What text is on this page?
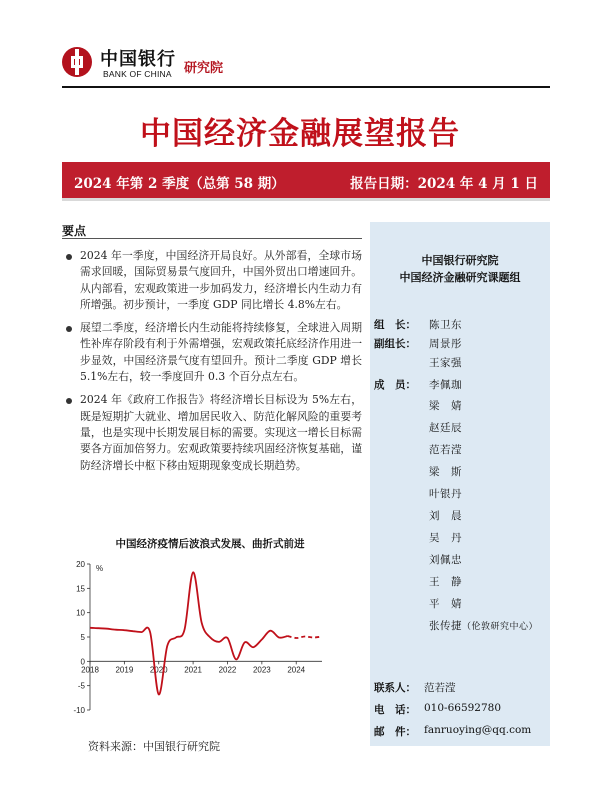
中国银行
BANK OF CHINA 研究院
中国经济金融展望报告
2024 年第 2 季度（总第 58 期）	报告日期：2024 年 4 月 1 日
要点
2024 年一季度，中国经济开局良好。从外部看，全球市场需求回暖，国际贸易景气度回升，中国外贸出口增速回升。从内部看，宏观政策进一步加码发力，经济增长内生动力有所增强。初步预计，一季度 GDP 同比增长 4.8%左右。
展望二季度，经济增长内生动能将持续修复，全球进入周期性补库存阶段有利于外需增强，宏观政策托底经济作用进一步显效，中国经济景气度有望回升。预计二季度 GDP 增长 5.1%左右，较一季度回升 0.3 个百分点左右。
2024 年《政府工作报告》将经济增长目标设为 5%左右，既是短期扩大就业、增加居民收入、防范化解风险的重要考量，也是实现中长期发展目标的需要。实现这一增长目标需要各方面加倍努力。宏观政策要持续巩固经济恢复基础，谨防经济增长中枢下移由短期现象变成长期趋势。
中国经济疫情后波浪式发展、曲折式前进
-10
-5
0
5
10
15
20 %
2018 2019 2020 2021 2022 2023 2024
资料来源：中国银行研究院
中国银行研究院
中国经济金融研究课题组
组　长： 陈卫东
副组长： 周景彤
王家强
成　员： 李佩珈
梁　婧
赵廷辰
范若滢
梁　斯
叶银丹
刘　晨
吴　丹
刘佩忠
王　静
平　婧
张传捷（伦敦研究中心）
联系人： 范若滢
电　话： 010-66592780
邮　件： fanruoying@qq.com
